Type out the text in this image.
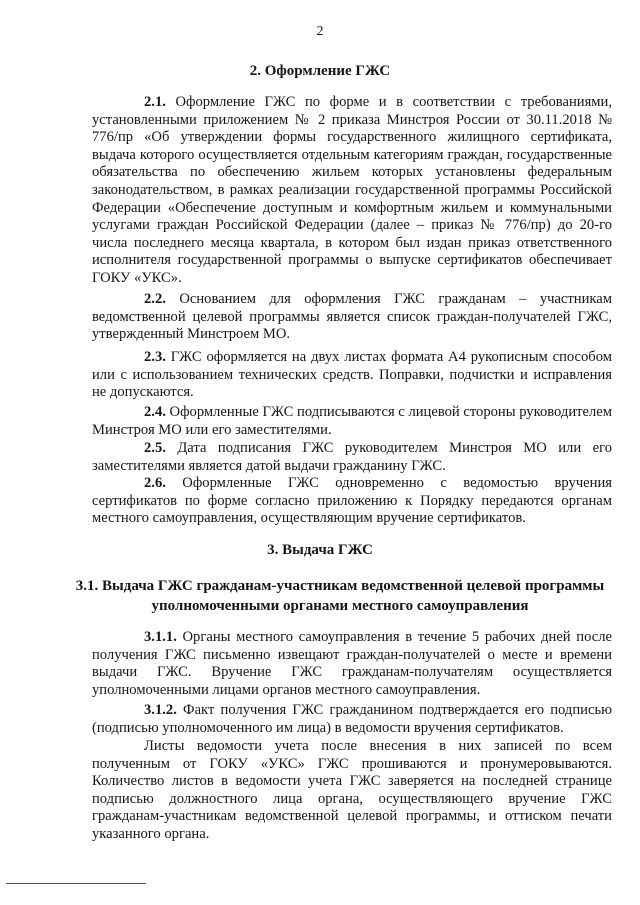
2
2. Оформление ГЖС

2.1. Оформление ГЖС по форме и в соответствии с требованиями, установленными приложением № 2 приказа Минстроя России от 30.11.2018 № 776/пр «Об утверждении формы государственного жилищного сертификата, выдача которого осуществляется отдельным категориям граждан, государственные обязательства по обеспечению жильем которых установлены федеральным законодательством, в рамках реализации государственной программы Российской Федерации «Обеспечение доступным и комфортным жильем и коммунальными услугами граждан Российской Федерации (далее – приказ № 776/пр) до 20-го числа последнего месяца квартала, в котором был издан приказ ответственного исполнителя государственной программы о выпуске сертификатов обеспечивает ГОКУ «УКС».

2.2. Основанием для оформления ГЖС гражданам – участникам ведомственной целевой программы является список граждан-получателей ГЖС, утвержденный Минстроем МО.

2.3. ГЖС оформляется на двух листах формата А4 рукописным способом или с использованием технических средств. Поправки, подчистки и исправления не допускаются.

2.4. Оформленные ГЖС подписываются с лицевой стороны руководителем Минстроя МО или его заместителями.

2.5. Дата подписания ГЖС руководителем Минстроя МО или его заместителями является датой выдачи гражданину ГЖС.

2.6. Оформленные ГЖС одновременно с ведомостью вручения сертификатов по форме согласно приложению к Порядку передаются органам местного самоуправления, осуществляющим вручение сертификатов.

3. Выдача ГЖС
3.1. Выдача ГЖС гражданам-участникам ведомственной целевой программы уполномоченными органами местного самоуправления

3.1.1. Органы местного самоуправления в течение 5 рабочих дней после получения ГЖС письменно извещают граждан-получателей о месте и времени выдачи ГЖС. Вручение ГЖС гражданам-получателям осуществляется уполномоченными лицами органов местного самоуправления.

3.1.2. Факт получения ГЖС гражданином подтверждается его подписью (подписью уполномоченного им лица) в ведомости вручения сертификатов.

Листы ведомости учета после внесения в них записей по всем полученным от ГОКУ «УКС» ГЖС прошиваются и пронумеровываются. Количество листов в ведомости учета ГЖС заверяется на последней странице подписью должностного лица органа, осуществляющего вручение ГЖС гражданам-участникам ведомственной целевой программы, и оттиском печати указанного органа.
